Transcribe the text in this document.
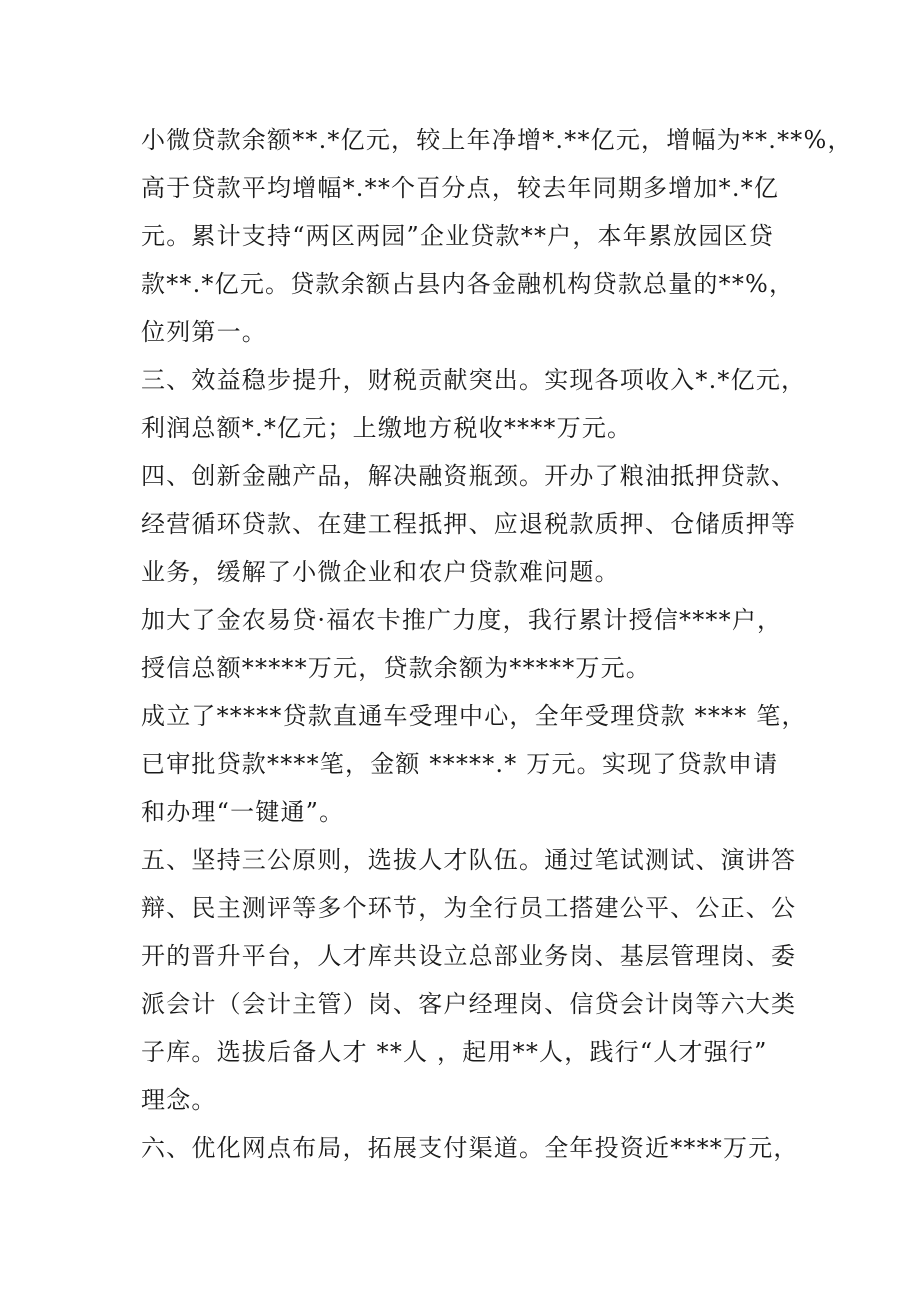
小微贷款余额**.*亿元，较上年净增*.**亿元，增幅为**.**%，
高于贷款平均增幅*.**个百分点，较去年同期多增加*.*亿
元。累计支持“两区两园”企业贷款**户，本年累放园区贷
款**.*亿元。贷款余额占县内各金融机构贷款总量的**%，
位列第一。
三、效益稳步提升，财税贡献突出。实现各项收入*.*亿元，
利润总额*.*亿元；上缴地方税收****万元。
四、创新金融产品，解决融资瓶颈。开办了粮油抵押贷款、
经营循环贷款、在建工程抵押、应退税款质押、仓储质押等
业务，缓解了小微企业和农户贷款难问题。
加大了金农易贷·福农卡推广力度，我行累计授信****户，
授信总额*****万元，贷款余额为*****万元。
成立了*****贷款直通车受理中心，全年受理贷款 **** 笔，
已审批贷款****笔，金额 *****.* 万元。实现了贷款申请
和办理“一键通”。
五、坚持三公原则，选拔人才队伍。通过笔试测试、演讲答
辩、民主测评等多个环节，为全行员工搭建公平、公正、公
开的晋升平台，人才库共设立总部业务岗、基层管理岗、委
派会计（会计主管）岗、客户经理岗、信贷会计岗等六大类
子库。选拔后备人才 **人 ，起用**人，践行“人才强行”
理念。
六、优化网点布局，拓展支付渠道。全年投资近****万元，
